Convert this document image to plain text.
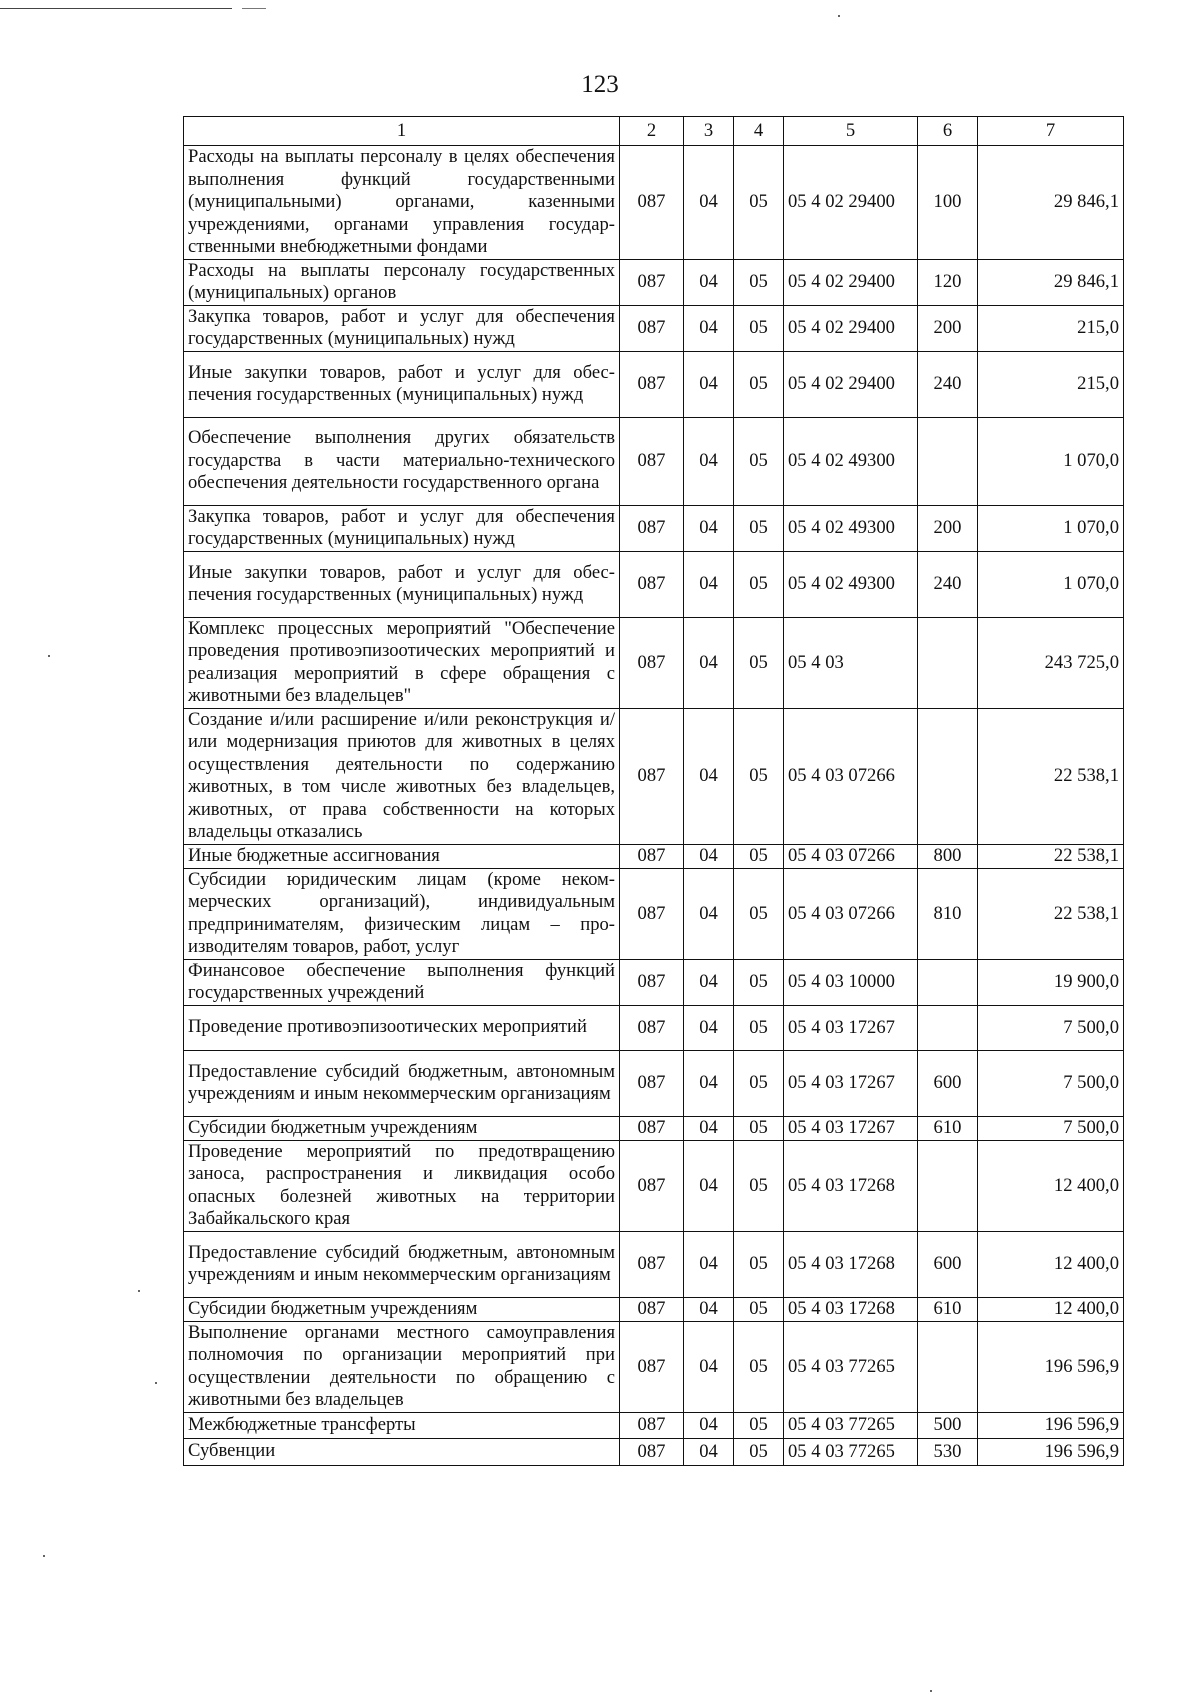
123
1	2	3	4	5	6	7
Расходы на выплаты персоналу в целях обеспечения выполнения функций государственными (муниципальными) органами, казенными учреждениями, органами управления государственными внебюджетными фондами	087	04	05	05 4 02 29400	100	29 846,1
Расходы на выплаты персоналу государственных (муниципальных) органов	087	04	05	05 4 02 29400	120	29 846,1
Закупка товаров, работ и услуг для обеспечения государственных (муниципальных) нужд	087	04	05	05 4 02 29400	200	215,0
Иные закупки товаров, работ и услуг для обеспечения государственных (муниципальных) нужд	087	04	05	05 4 02 29400	240	215,0
Обеспечение выполнения других обязательств государства в части материально-технического обеспечения деятельности государственного органа	087	04	05	05 4 02 49300		1 070,0
Закупка товаров, работ и услуг для обеспечения государственных (муниципальных) нужд	087	04	05	05 4 02 49300	200	1 070,0
Иные закупки товаров, работ и услуг для обеспечения государственных (муниципальных) нужд	087	04	05	05 4 02 49300	240	1 070,0
Комплекс процессных мероприятий "Обеспечение проведения противоэпизоотических мероприятий и реализация мероприятий в сфере обращения с животными без владельцев"	087	04	05	05 4 03		243 725,0
Создание и/или расширение и/или реконструкция и/или модернизация приютов для животных в целях осуществления деятельности по содержанию животных, в том числе животных без владельцев, животных, от права собственности на которых владельцы отказались	087	04	05	05 4 03 07266		22 538,1
Иные бюджетные ассигнования	087	04	05	05 4 03 07266	800	22 538,1
Субсидии юридическим лицам (кроме некоммерческих организаций), индивидуальным предпринимателям, физическим лицам – производителям товаров, работ, услуг	087	04	05	05 4 03 07266	810	22 538,1
Финансовое обеспечение выполнения функций государственных учреждений	087	04	05	05 4 03 10000		19 900,0
Проведение противоэпизоотических мероприятий	087	04	05	05 4 03 17267		7 500,0
Предоставление субсидий бюджетным, автономным учреждениям и иным некоммерческим организациям	087	04	05	05 4 03 17267	600	7 500,0
Субсидии бюджетным учреждениям	087	04	05	05 4 03 17267	610	7 500,0
Проведение мероприятий по предотвращению заноса, распространения и ликвидация особо опасных болезней животных на территории Забайкальского края	087	04	05	05 4 03 17268		12 400,0
Предоставление субсидий бюджетным, автономным учреждениям и иным некоммерческим организациям	087	04	05	05 4 03 17268	600	12 400,0
Субсидии бюджетным учреждениям	087	04	05	05 4 03 17268	610	12 400,0
Выполнение органами местного самоуправления полномочия по организации мероприятий при осуществлении деятельности по обращению с животными без владельцев	087	04	05	05 4 03 77265		196 596,9
Межбюджетные трансферты	087	04	05	05 4 03 77265	500	196 596,9
Субвенции	087	04	05	05 4 03 77265	530	196 596,9
